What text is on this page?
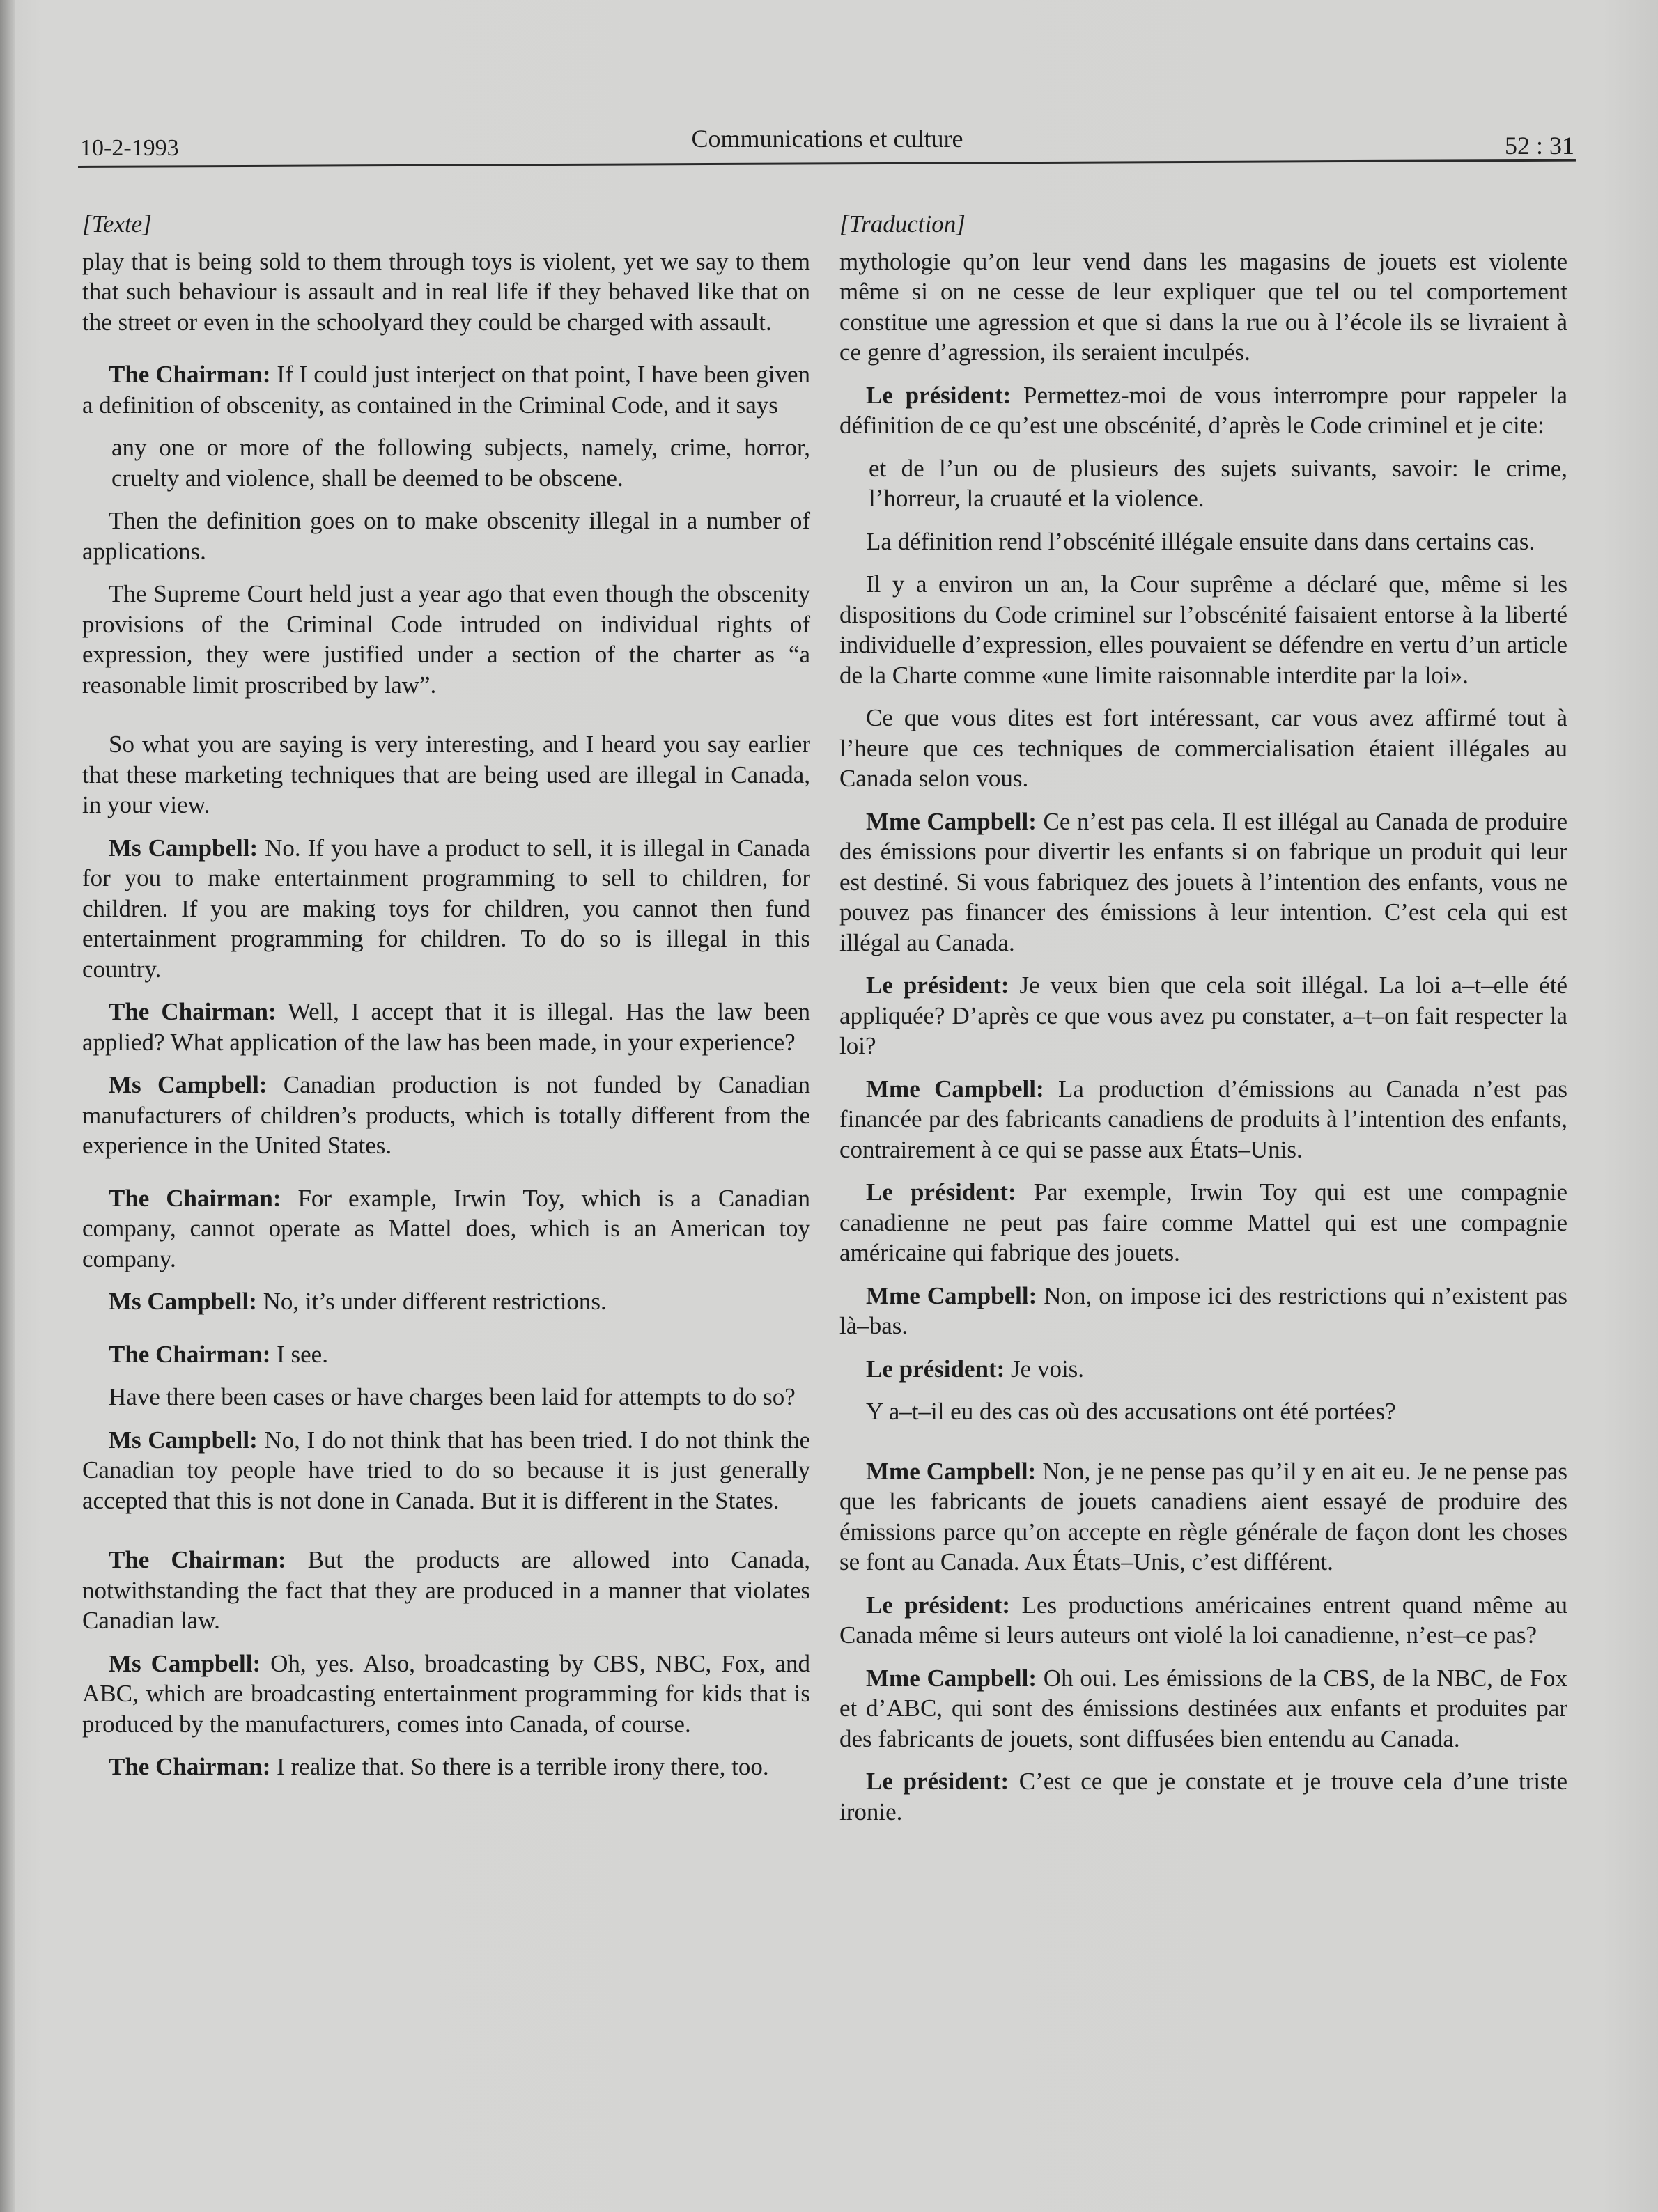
10-2-1993	Communications et culture	52 : 31

[Texte]

play that is being sold to them through toys is violent, yet we say to them that such behaviour is assault and in real life if they behaved like that on the street or even in the schoolyard they could be charged with assault.

The Chairman: If I could just interject on that point, I have been given a definition of obscenity, as contained in the Criminal Code, and it says

any one or more of the following subjects, namely, crime, horror, cruelty and violence, shall be deemed to be obscene.

Then the definition goes on to make obscenity illegal in a number of applications.

The Supreme Court held just a year ago that even though the obscenity provisions of the Criminal Code intruded on individual rights of expression, they were justified under a section of the charter as “a reasonable limit proscribed by law”.

So what you are saying is very interesting, and I heard you say earlier that these marketing techniques that are being used are illegal in Canada, in your view.

Ms Campbell: No. If you have a product to sell, it is illegal in Canada for you to make entertainment programming to sell to children, for children. If you are making toys for children, you cannot then fund entertainment programming for children. To do so is illegal in this country.

The Chairman: Well, I accept that it is illegal. Has the law been applied? What application of the law has been made, in your experience?

Ms Campbell: Canadian production is not funded by Canadian manufacturers of children’s products, which is totally different from the experience in the United States.

The Chairman: For example, Irwin Toy, which is a Canadian company, cannot operate as Mattel does, which is an American toy company.

Ms Campbell: No, it’s under different restrictions.

The Chairman: I see.

Have there been cases or have charges been laid for attempts to do so?

Ms Campbell: No, I do not think that has been tried. I do not think the Canadian toy people have tried to do so because it is just generally accepted that this is not done in Canada. But it is different in the States.

The Chairman: But the products are allowed into Canada, notwithstanding the fact that they are produced in a manner that violates Canadian law.

Ms Campbell: Oh, yes. Also, broadcasting by CBS, NBC, Fox, and ABC, which are broadcasting entertainment programming for kids that is produced by the manufacturers, comes into Canada, of course.

The Chairman: I realize that. So there is a terrible irony there, too.

[Traduction]

mythologie qu’on leur vend dans les magasins de jouets est violente même si on ne cesse de leur expliquer que tel ou tel comportement constitue une agression et que si dans la rue ou à l’école ils se livraient à ce genre d’agression, ils seraient inculpés.

Le président: Permettez-moi de vous interrompre pour rappeler la définition de ce qu’est une obscénité, d’après le Code criminel et je cite:

et de l’un ou de plusieurs des sujets suivants, savoir: le crime, l’horreur, la cruauté et la violence.

La définition rend l’obscénité illégale ensuite dans dans certains cas.

Il y a environ un an, la Cour suprême a déclaré que, même si les dispositions du Code criminel sur l’obscénité faisaient entorse à la liberté individuelle d’expression, elles pouvaient se défendre en vertu d’un article de la Charte comme «une limite raisonnable interdite par la loi».

Ce que vous dites est fort intéressant, car vous avez affirmé tout à l’heure que ces techniques de commercialisation étaient illégales au Canada selon vous.

Mme Campbell: Ce n’est pas cela. Il est illégal au Canada de produire des émissions pour divertir les enfants si on fabrique un produit qui leur est destiné. Si vous fabriquez des jouets à l’intention des enfants, vous ne pouvez pas financer des émissions à leur intention. C’est cela qui est illégal au Canada.

Le président: Je veux bien que cela soit illégal. La loi a–t–elle été appliquée? D’après ce que vous avez pu constater, a–t–on fait respecter la loi?

Mme Campbell: La production d’émissions au Canada n’est pas financée par des fabricants canadiens de produits à l’intention des enfants, contrairement à ce qui se passe aux États–Unis.

Le président: Par exemple, Irwin Toy qui est une compagnie canadienne ne peut pas faire comme Mattel qui est une compagnie américaine qui fabrique des jouets.

Mme Campbell: Non, on impose ici des restrictions qui n’existent pas là–bas.

Le président: Je vois.

Y a–t–il eu des cas où des accusations ont été portées?

Mme Campbell: Non, je ne pense pas qu’il y en ait eu. Je ne pense pas que les fabricants de jouets canadiens aient essayé de produire des émissions parce qu’on accepte en règle générale de façon dont les choses se font au Canada. Aux États–Unis, c’est différent.

Le président: Les productions américaines entrent quand même au Canada même si leurs auteurs ont violé la loi canadienne, n’est–ce pas?

Mme Campbell: Oh oui. Les émissions de la CBS, de la NBC, de Fox et d’ABC, qui sont des émissions destinées aux enfants et produites par des fabricants de jouets, sont diffusées bien entendu au Canada.

Le président: C’est ce que je constate et je trouve cela d’une triste ironie.
